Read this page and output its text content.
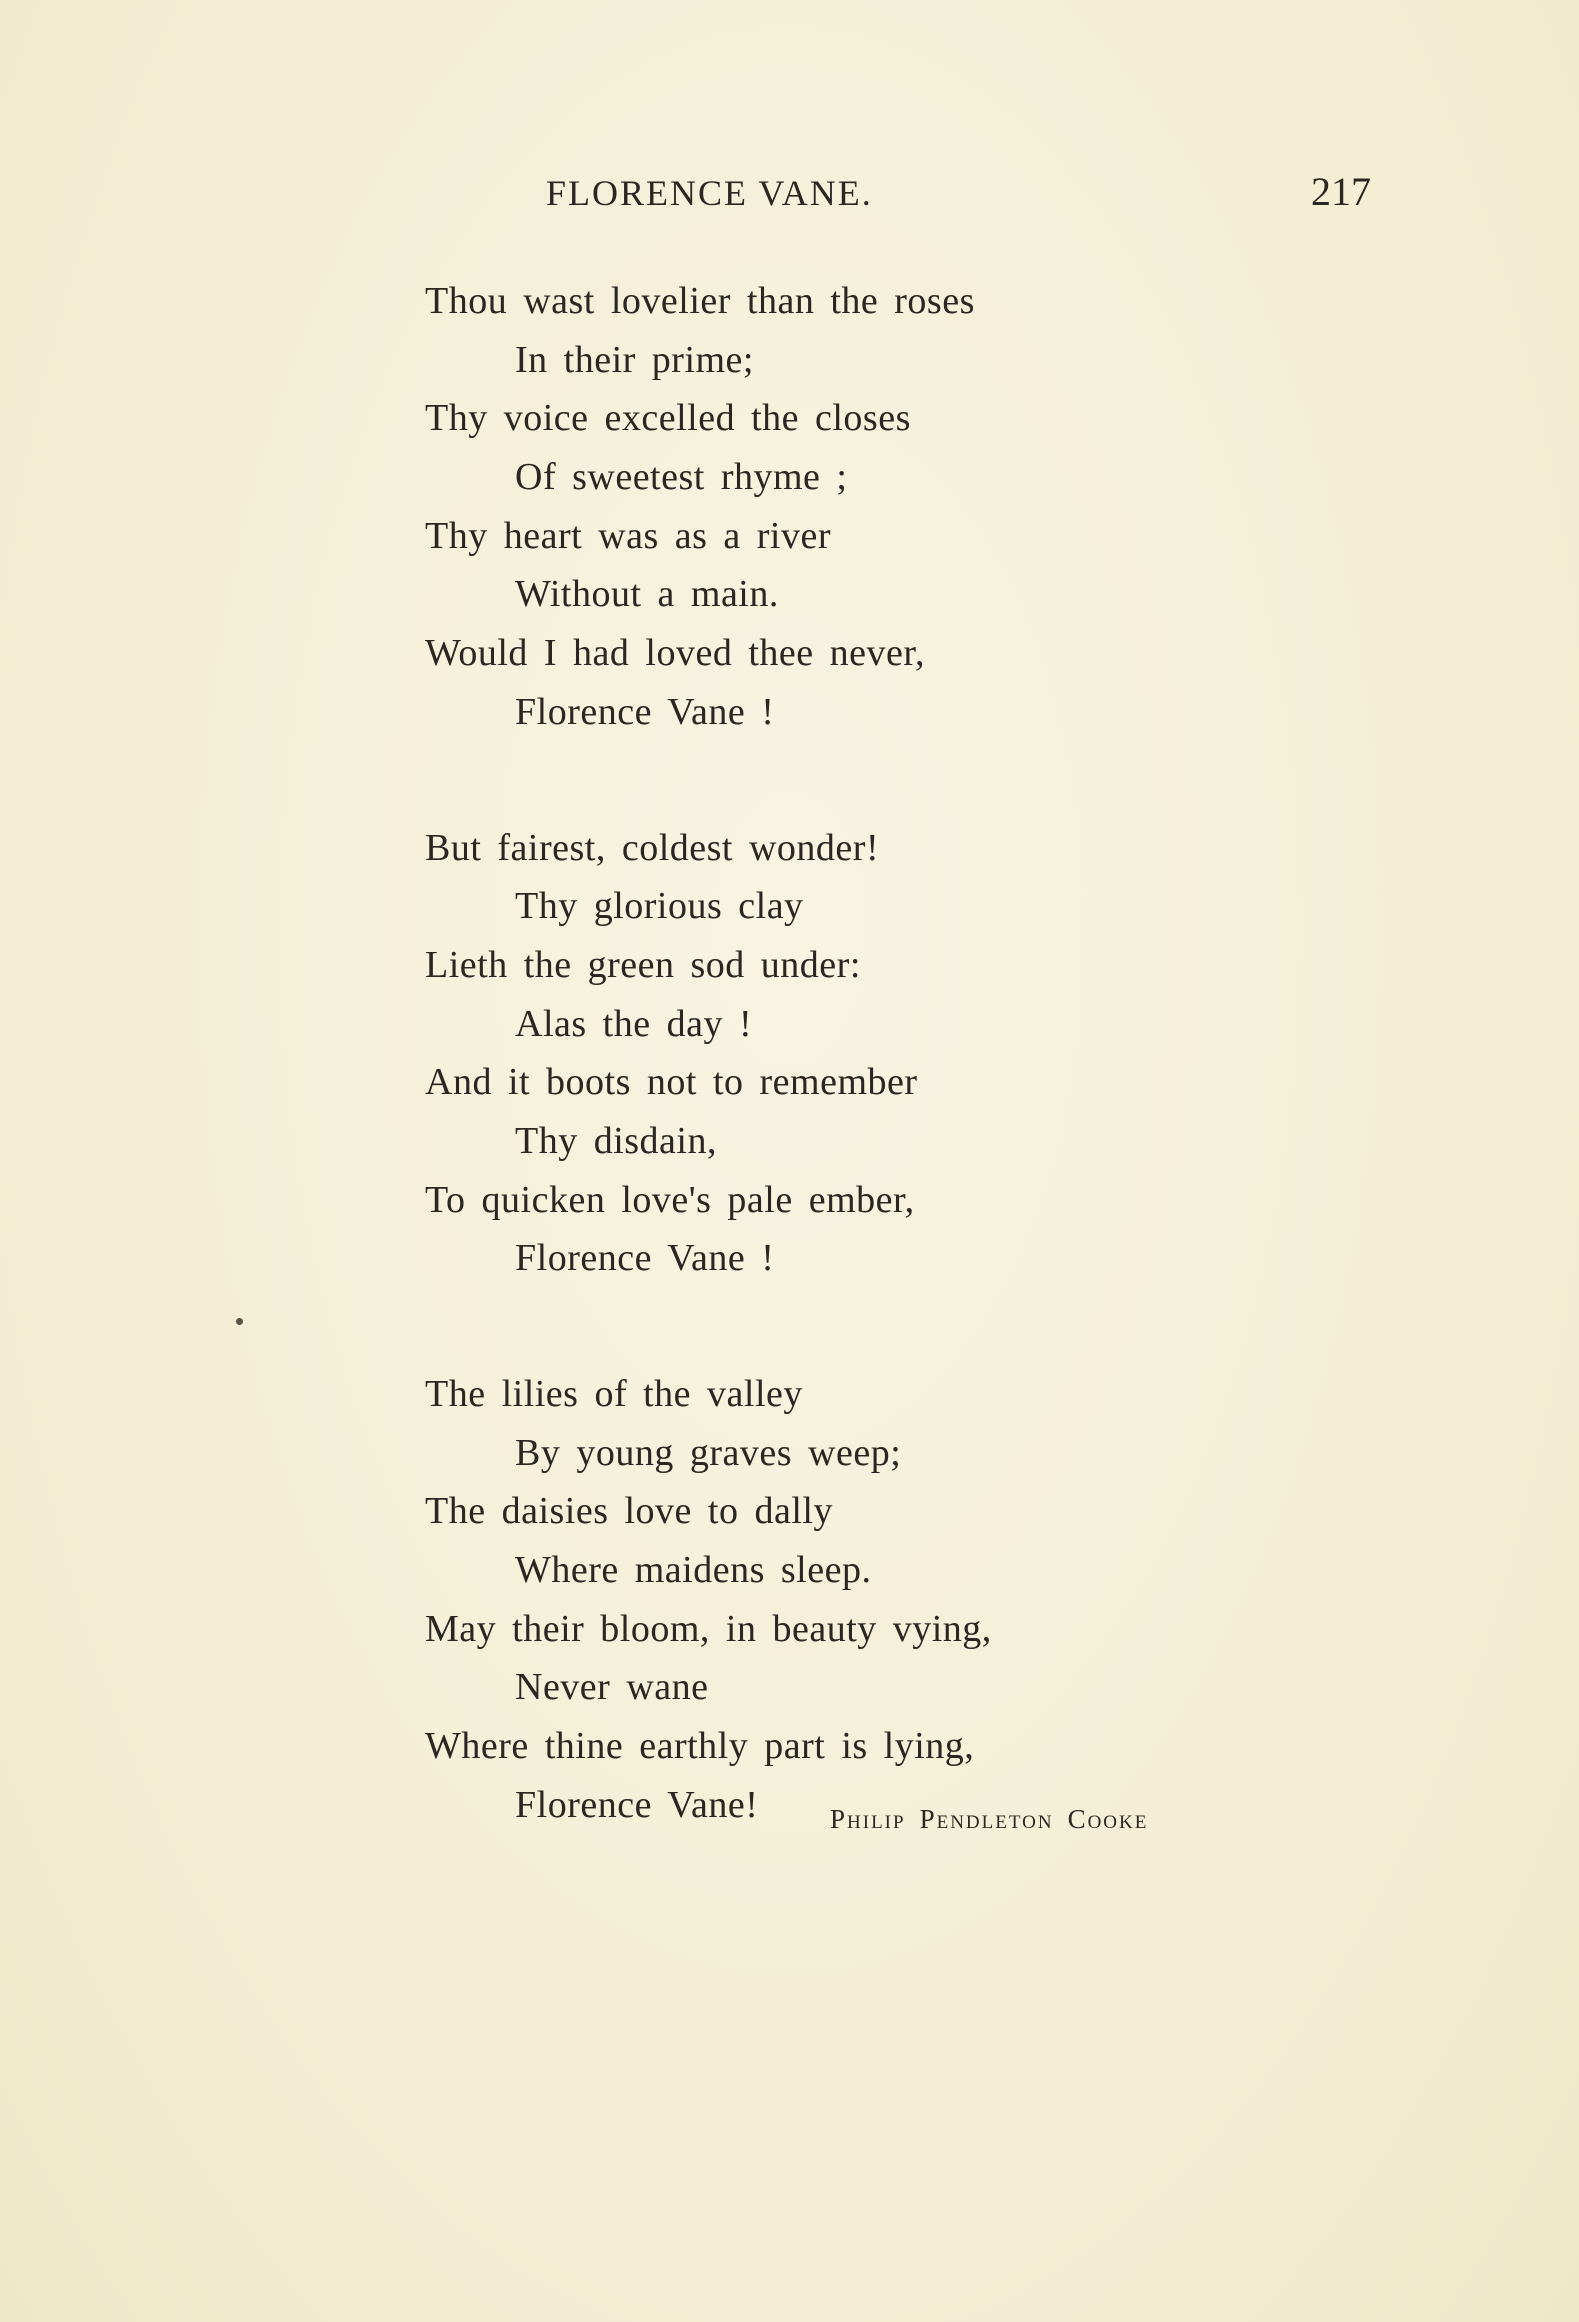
FLORENCE VANE.	217
Thou wast lovelier than the roses
In their prime;
Thy voice excelled the closes
Of sweetest rhyme ;
Thy heart was as a river
Without a main.
Would I had loved thee never,
Florence Vane !
But fairest, coldest wonder!
Thy glorious clay
Lieth the green sod under:
Alas the day !
And it boots not to remember
Thy disdain,
To quicken love's pale ember,
Florence Vane !
The lilies of the valley
By young graves weep;
The daisies love to dally
Where maidens sleep.
May their bloom, in beauty vying,
Never wane
Where thine earthly part is lying,
Florence Vane!	Philip Pendleton Cooke
